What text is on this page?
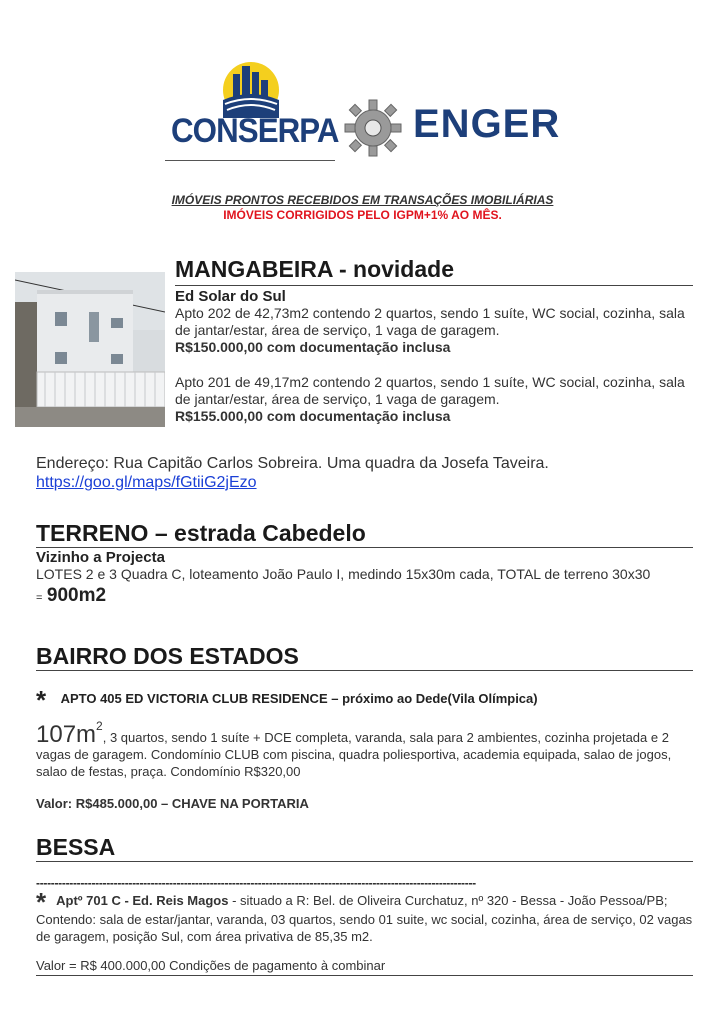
CONSERPA ENGER
IMÓVEIS PRONTOS RECEBIDOS EM TRANSAÇÕES IMOBILIÁRIAS
IMÓVEIS CORRIGIDOS PELO IGPM+1% AO MÊS.
MANGABEIRA - novidade
Ed Solar do Sul
Apto 202 de 42,73m2 contendo 2 quartos, sendo 1 suíte, WC social, cozinha, sala de jantar/estar, área de serviço, 1 vaga de garagem.
R$150.000,00 com documentação inclusa
Apto 201 de 49,17m2 contendo 2 quartos, sendo 1 suíte, WC social, cozinha, sala de jantar/estar, área de serviço, 1 vaga de garagem.
R$155.000,00 com documentação inclusa
Endereço: Rua Capitão Carlos Sobreira. Uma quadra da Josefa Taveira.
https://goo.gl/maps/fGtiiG2jEzo
TERRENO – estrada Cabedelo
Vizinho a Projecta
LOTES 2 e 3 Quadra C, loteamento João Paulo I, medindo 15x30m cada, TOTAL de terreno 30x30
= 900m2
BAIRRO DOS ESTADOS
* APTO 405 ED VICTORIA CLUB RESIDENCE – próximo ao Dede(Vila Olímpica)
107m2, 3 quartos, sendo 1 suíte + DCE completa, varanda, sala para 2 ambientes, cozinha projetada e 2 vagas de garagem. Condomínio CLUB com piscina, quadra poliesportiva, academia equipada, salao de jogos, salao de festas, praça. Condomínio R$320,00
Valor: R$485.000,00 – CHAVE NA PORTARIA
BESSA
-----------------------------------------------------------------------------------------------------------------------
* Aptº 701 C - Ed. Reis Magos - situado a R: Bel. de Oliveira Curchatuz, nº 320 - Bessa - João Pessoa/PB; Contendo: sala de estar/jantar, varanda, 03 quartos, sendo 01 suite, wc social, cozinha, área de serviço, 02 vagas de garagem, posição Sul, com área privativa de 85,35 m2.
Valor = R$ 400.000,00 Condições de pagamento à combinar
